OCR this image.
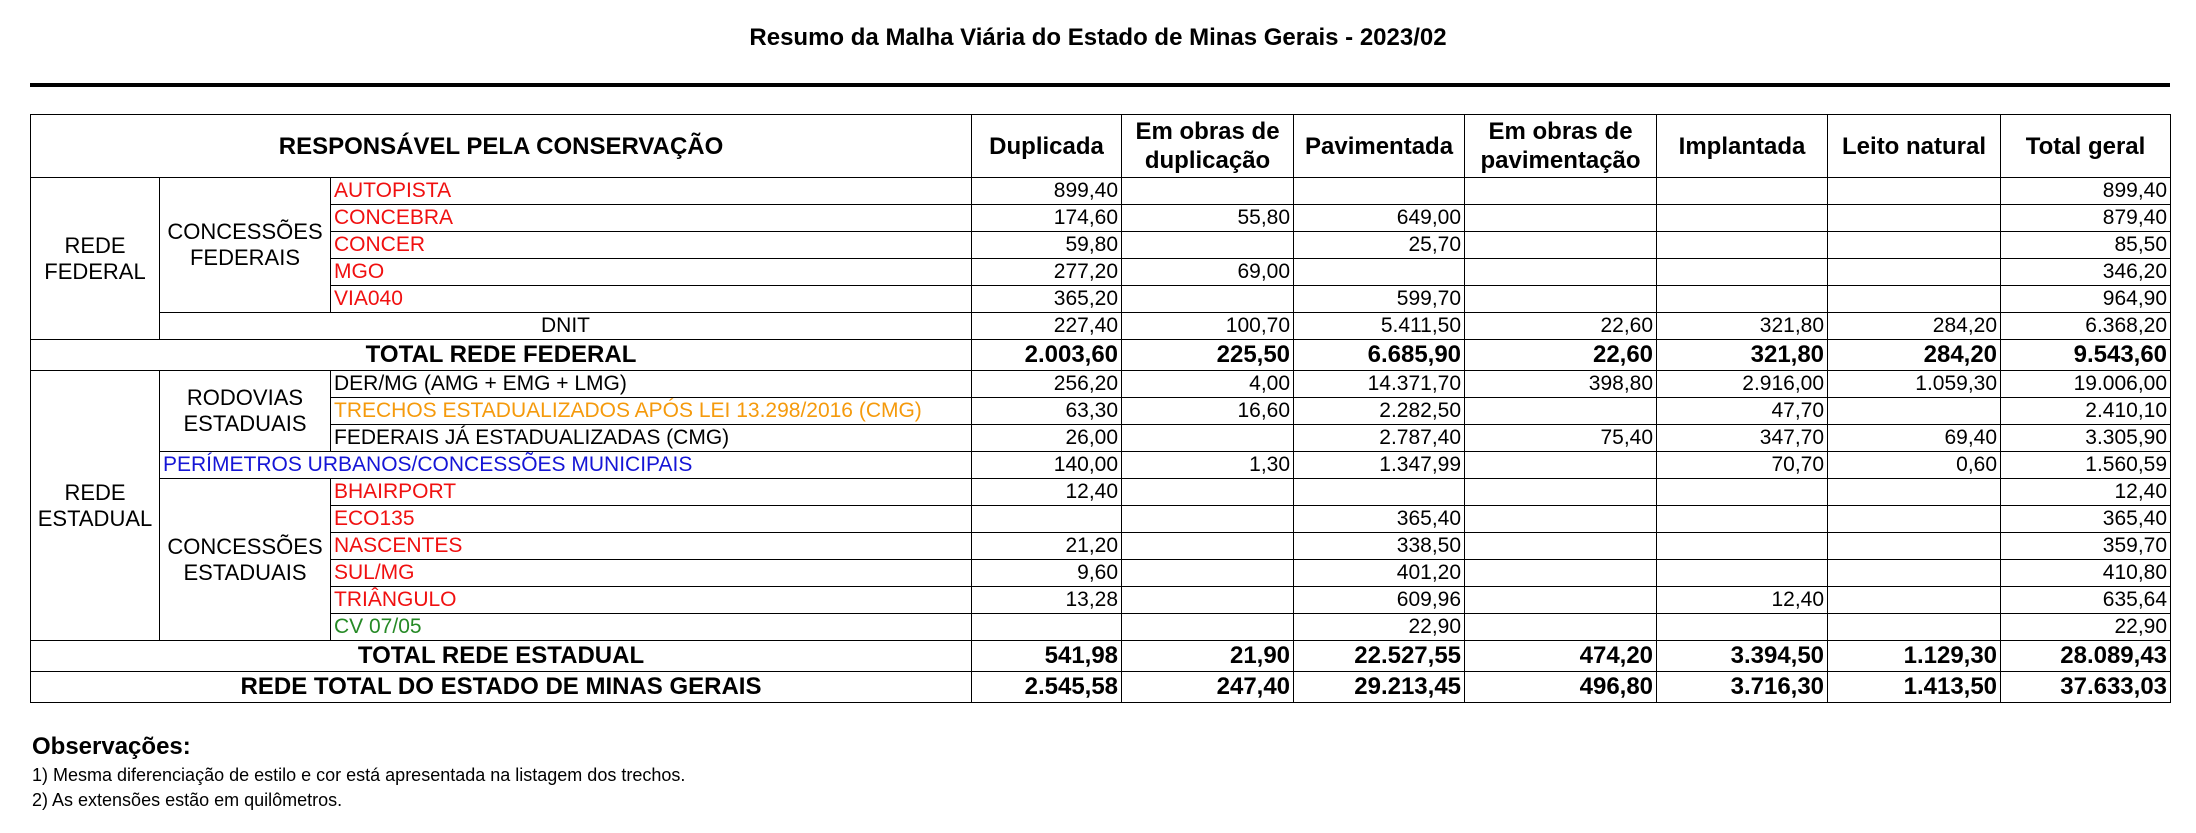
Resumo da Malha Viária do Estado de Minas Gerais - 2023/02
RESPONSÁVEL PELA CONSERVAÇÃO			Duplicada	Em obras de
duplicação	Pavimentada	Em obras de
pavimentação	Implantada	Leito natural	Total geral
REDE
FEDERAL	CONCESSÕES
FEDERAIS	AUTOPISTA	899,40						899,40
		CONCEBRA	174,60	55,80	649,00				879,40
		CONCER	59,80		25,70				85,50
		MGO	277,20	69,00					346,20
		VIA040	365,20		599,70				964,90
	DNIT		227,40	100,70	5.411,50	22,60	321,80	284,20	6.368,20
TOTAL REDE FEDERAL			2.003,60	225,50	6.685,90	22,60	321,80	284,20	9.543,60
REDE
ESTADUAL	RODOVIAS
ESTADUAIS	DER/MG (AMG + EMG + LMG)	256,20	4,00	14.371,70	398,80	2.916,00	1.059,30	19.006,00
		TRECHOS ESTADUALIZADOS APÓS LEI 13.298/2016 (CMG)	63,30	16,60	2.282,50		47,70		2.410,10
		FEDERAIS JÁ ESTADUALIZADAS (CMG)	26,00		2.787,40	75,40	347,70	69,40	3.305,90
	PERÍMETROS URBANOS/CONCESSÕES MUNICIPAIS		140,00	1,30	1.347,99		70,70	0,60	1.560,59
	CONCESSÕES
ESTADUAIS	BHAIRPORT	12,40						12,40
		ECO135			365,40				365,40
		NASCENTES	21,20		338,50				359,70
		SUL/MG	9,60		401,20				410,80
		TRIÂNGULO	13,28		609,96		12,40		635,64
		CV 07/05			22,90				22,90
TOTAL REDE ESTADUAL			541,98	21,90	22.527,55	474,20	3.394,50	1.129,30	28.089,43
REDE TOTAL DO ESTADO DE MINAS GERAIS			2.545,58	247,40	29.213,45	496,80	3.716,30	1.413,50	37.633,03
Observações:
1) Mesma diferenciação de estilo e cor está apresentada na listagem dos trechos.
2) As extensões estão em quilômetros.
